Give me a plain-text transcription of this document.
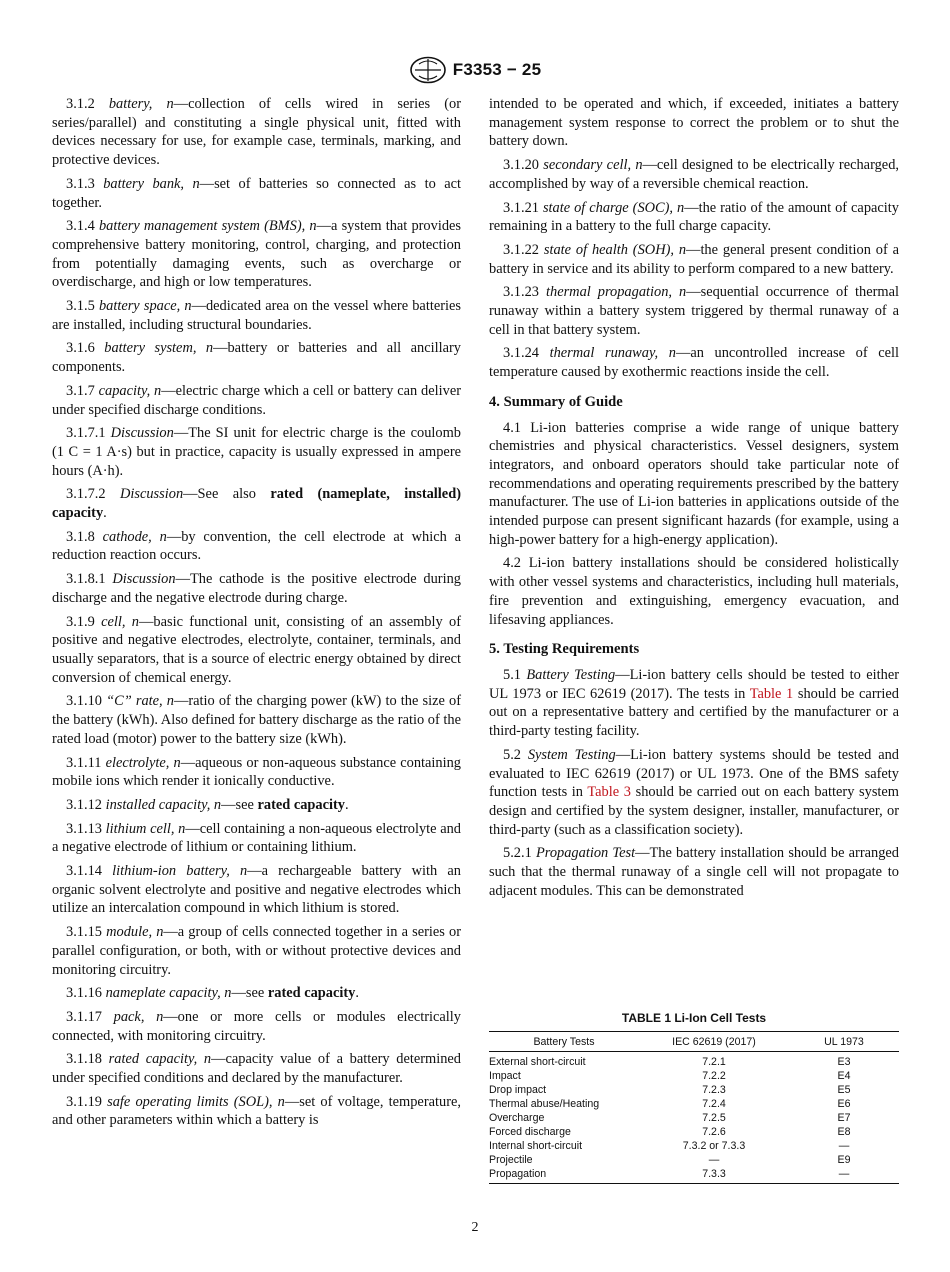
F3353 − 25

3.1.2 battery, n—collection of cells wired in series (or series/parallel) and constituting a single physical unit, fitted with devices necessary for use, for example case, terminals, marking, and protective devices.

3.1.3 battery bank, n—set of batteries so connected as to act together.

3.1.4 battery management system (BMS), n—a system that provides comprehensive battery monitoring, control, charging, and protection from potentially damaging events, such as overcharge or overdischarge, and high or low temperatures.

3.1.5 battery space, n—dedicated area on the vessel where batteries are installed, including structural boundaries.

3.1.6 battery system, n—battery or batteries and all ancillary components.

3.1.7 capacity, n—electric charge which a cell or battery can deliver under specified discharge conditions.

3.1.7.1 Discussion—The SI unit for electric charge is the coulomb (1 C = 1 A·s) but in practice, capacity is usually expressed in ampere hours (A·h).

3.1.7.2 Discussion—See also rated (nameplate, installed) capacity.

3.1.8 cathode, n—by convention, the cell electrode at which a reduction reaction occurs.

3.1.8.1 Discussion—The cathode is the positive electrode during discharge and the negative electrode during charge.

3.1.9 cell, n—basic functional unit, consisting of an assembly of positive and negative electrodes, electrolyte, container, terminals, and usually separators, that is a source of electric energy obtained by direct conversion of chemical energy.

3.1.10 “C” rate, n—ratio of the charging power (kW) to the size of the battery (kWh). Also defined for battery discharge as the ratio of the rated load (motor) power to the battery size (kWh).

3.1.11 electrolyte, n—aqueous or non-aqueous substance containing mobile ions which render it ionically conductive.

3.1.12 installed capacity, n—see rated capacity.

3.1.13 lithium cell, n—cell containing a non-aqueous electrolyte and a negative electrode of lithium or containing lithium.

3.1.14 lithium-ion battery, n—a rechargeable battery with an organic solvent electrolyte and positive and negative electrodes which utilize an intercalation compound in which lithium is stored.

3.1.15 module, n—a group of cells connected together in a series or parallel configuration, or both, with or without protective devices and monitoring circuitry.

3.1.16 nameplate capacity, n—see rated capacity.

3.1.17 pack, n—one or more cells or modules electrically connected, with monitoring circuitry.

3.1.18 rated capacity, n—capacity value of a battery determined under specified conditions and declared by the manufacturer.

3.1.19 safe operating limits (SOL), n—set of voltage, temperature, and other parameters within which a battery is

intended to be operated and which, if exceeded, initiates a battery management system response to correct the problem or to shut the battery down.

3.1.20 secondary cell, n—cell designed to be electrically recharged, accomplished by way of a reversible chemical reaction.

3.1.21 state of charge (SOC), n—the ratio of the amount of capacity remaining in a battery to the full charge capacity.

3.1.22 state of health (SOH), n—the general present condition of a battery in service and its ability to perform compared to a new battery.

3.1.23 thermal propagation, n—sequential occurrence of thermal runaway within a battery system triggered by thermal runaway of a cell in that battery system.

3.1.24 thermal runaway, n—an uncontrolled increase of cell temperature caused by exothermic reactions inside the cell.

4. Summary of Guide

4.1 Li-ion batteries comprise a wide range of unique battery chemistries and physical characteristics. Vessel designers, system integrators, and onboard operators should take particular note of recommendations and operating requirements prescribed by the battery manufacturer. The use of Li-ion batteries in applications outside of the intended purpose can present significant hazards (for example, using a high-power battery for a high-energy application).

4.2 Li-ion battery installations should be considered holistically with other vessel systems and characteristics, including hull materials, fire prevention and extinguishing, emergency evacuation, and lifesaving appliances.

5. Testing Requirements

5.1 Battery Testing—Li-ion battery cells should be tested to either UL 1973 or IEC 62619 (2017). The tests in Table 1 should be carried out on a representative battery and certified by the manufacturer or a third-party testing facility.

5.2 System Testing—Li-ion battery systems should be tested and evaluated to IEC 62619 (2017) or UL 1973. One of the BMS safety function tests in Table 3 should be carried out on each battery system design and certified by the system designer, installer, manufacturer, or third-party (such as a classification society).

5.2.1 Propagation Test—The battery installation should be arranged such that the thermal runaway of a single cell will not propagate to adjacent modules. This can be demonstrated

TABLE 1 Li-Ion Cell Tests
Battery Tests	IEC 62619 (2017)	UL 1973
External short-circuit	7.2.1	E3
Impact	7.2.2	E4
Drop impact	7.2.3	E5
Thermal abuse/Heating	7.2.4	E6
Overcharge	7.2.5	E7
Forced discharge	7.2.6	E8
Internal short-circuit	7.3.2 or 7.3.3	—
Projectile	—	E9
Propagation	7.3.3	—
2
